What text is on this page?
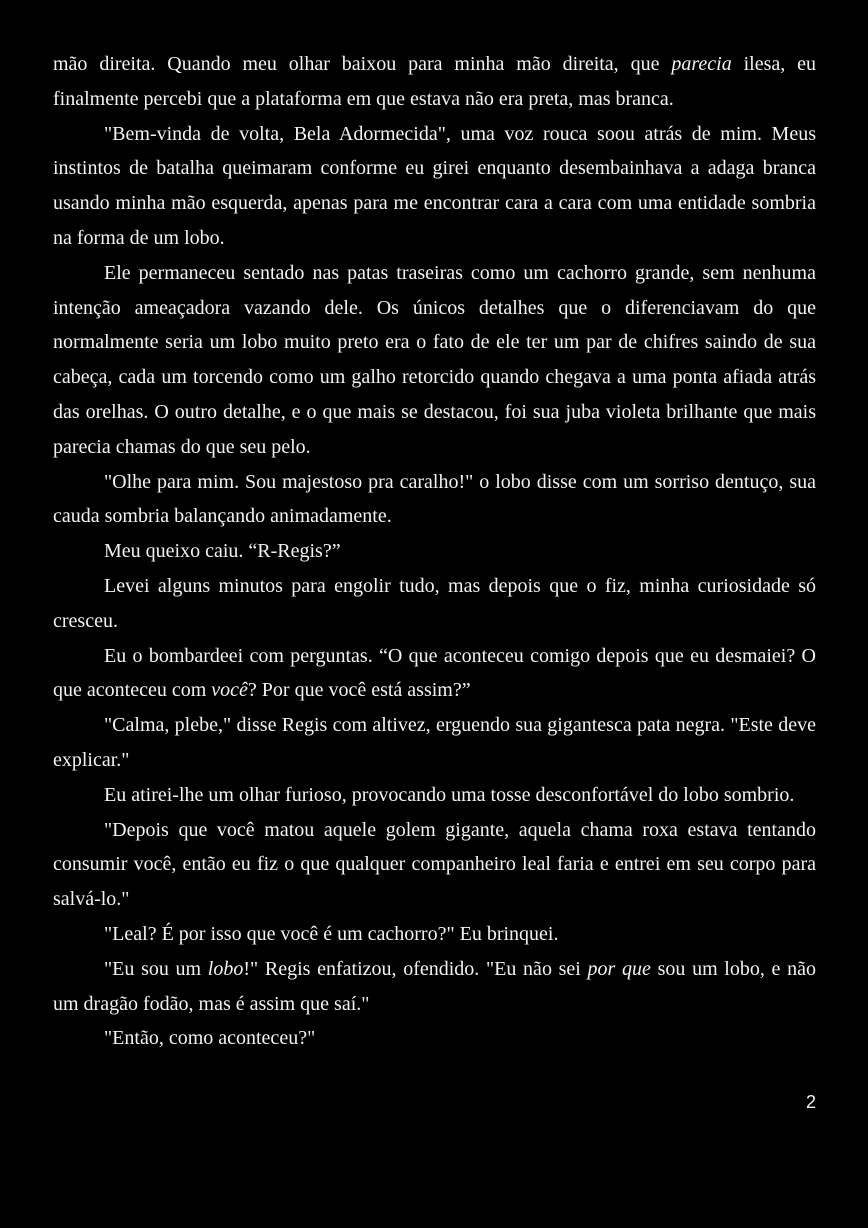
mão direita. Quando meu olhar baixou para minha mão direita, que parecia ilesa, eu finalmente percebi que a plataforma em que estava não era preta, mas branca.

"Bem-vinda de volta, Bela Adormecida", uma voz rouca soou atrás de mim. Meus instintos de batalha queimaram conforme eu girei enquanto desembainhava a adaga branca usando minha mão esquerda, apenas para me encontrar cara a cara com uma entidade sombria na forma de um lobo.

Ele permaneceu sentado nas patas traseiras como um cachorro grande, sem nenhuma intenção ameaçadora vazando dele. Os únicos detalhes que o diferenciavam do que normalmente seria um lobo muito preto era o fato de ele ter um par de chifres saindo de sua cabeça, cada um torcendo como um galho retorcido quando chegava a uma ponta afiada atrás das orelhas. O outro detalhe, e o que mais se destacou, foi sua juba violeta brilhante que mais parecia chamas do que seu pelo.

"Olhe para mim. Sou majestoso pra caralho!" o lobo disse com um sorriso dentuço, sua cauda sombria balançando animadamente.

Meu queixo caiu. “R-Regis?”

Levei alguns minutos para engolir tudo, mas depois que o fiz, minha curiosidade só cresceu.

Eu o bombardeei com perguntas. “O que aconteceu comigo depois que eu desmaiei? O que aconteceu com você? Por que você está assim?”

"Calma, plebe," disse Regis com altivez, erguendo sua gigantesca pata negra. "Este deve explicar."

Eu atirei-lhe um olhar furioso, provocando uma tosse desconfortável do lobo sombrio.

"Depois que você matou aquele golem gigante, aquela chama roxa estava tentando consumir você, então eu fiz o que qualquer companheiro leal faria e entrei em seu corpo para salvá-lo."

"Leal? É por isso que você é um cachorro?" Eu brinquei.

"Eu sou um lobo!" Regis enfatizou, ofendido. "Eu não sei por que sou um lobo, e não um dragão fodão, mas é assim que saí."

"Então, como aconteceu?"

2
